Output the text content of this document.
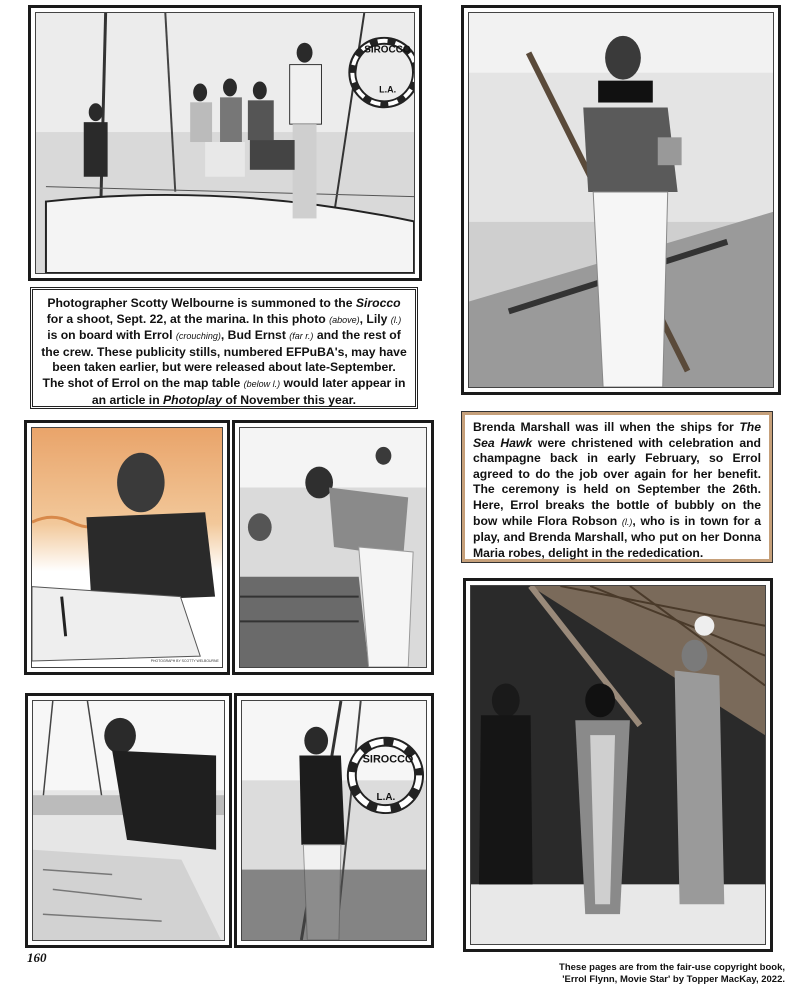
SIROCCO
L.A.
Photographer Scotty Welbourne is summoned to the Sirocco for a shoot, Sept. 22, at the marina. In this photo (above), Lily (l.) is on board with Errol (crouching), Bud Ernst (far r.) and the rest of the crew. These publicity stills, numbered EFPuBA's, may have been taken earlier, but were released about late-September. The shot of Errol on the map table (below l.) would later appear in an article in Photoplay of November this year.
Brenda Marshall was ill when the ships for The Sea Hawk were christened with celebration and champagne back in early February, so Errol agreed to do the job over again for her benefit. The ceremony is held on September the 26th. Here, Errol breaks the bottle of bubbly on the bow while Flora Robson (l.), who is in town for a play, and Brenda Marshall, who put on her Donna Maria robes, delight in the rededication.
PHOTOGRAPH BY SCOTTY WELBOURNE
SIROCCO
L.A.
160
These pages are from the fair-use copyright book,
'Errol Flynn, Movie Star' by Topper MacKay, 2022.
